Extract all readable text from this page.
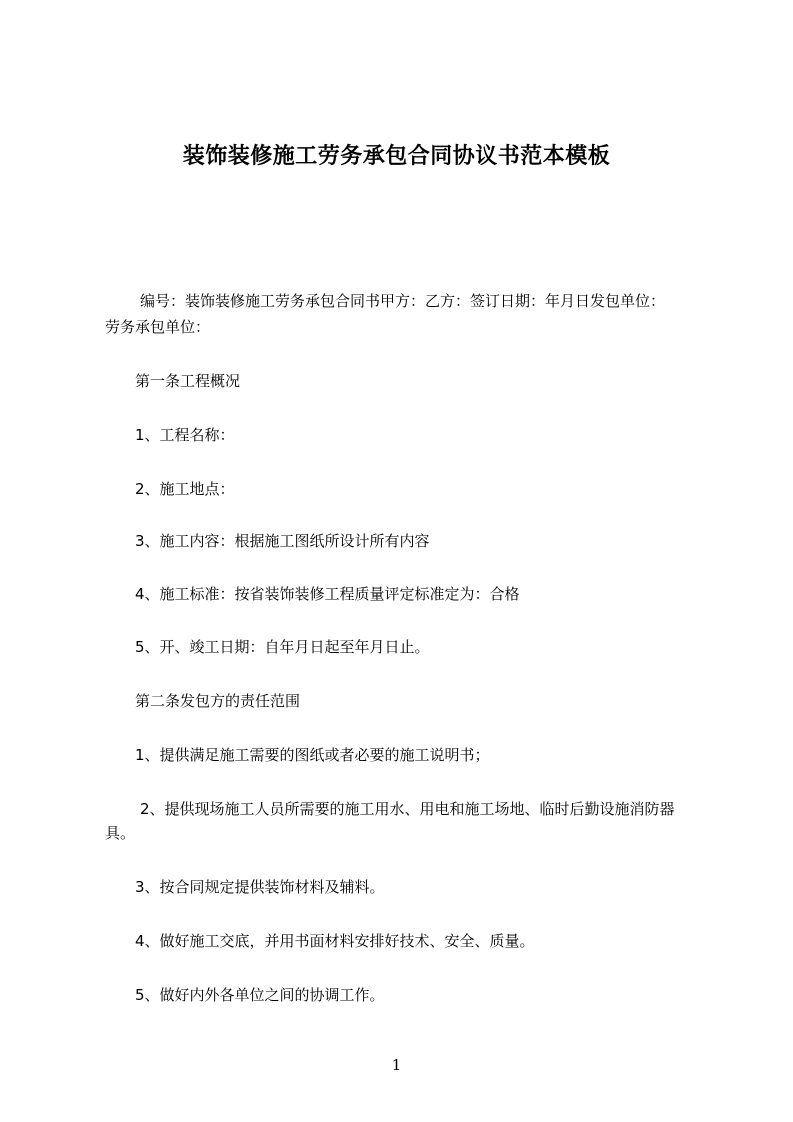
装饰装修施工劳务承包合同协议书范本模板
编号：装饰装修施工劳务承包合同书甲方：乙方：签订日期：年月日发包单位：
劳务承包单位：
第一条工程概况
1、工程名称：
2、施工地点：
3、施工内容：根据施工图纸所设计所有内容
4、施工标准：按省装饰装修工程质量评定标准定为：合格
5、开、竣工日期：自年月日起至年月日止。
第二条发包方的责任范围
1、提供满足施工需要的图纸或者必要的施工说明书；
2、提供现场施工人员所需要的施工用水、用电和施工场地、临时后勤设施消防器
具。
3、按合同规定提供装饰材料及辅料。
4、做好施工交底，并用书面材料安排好技术、安全、质量。
5、做好内外各单位之间的协调工作。
1
